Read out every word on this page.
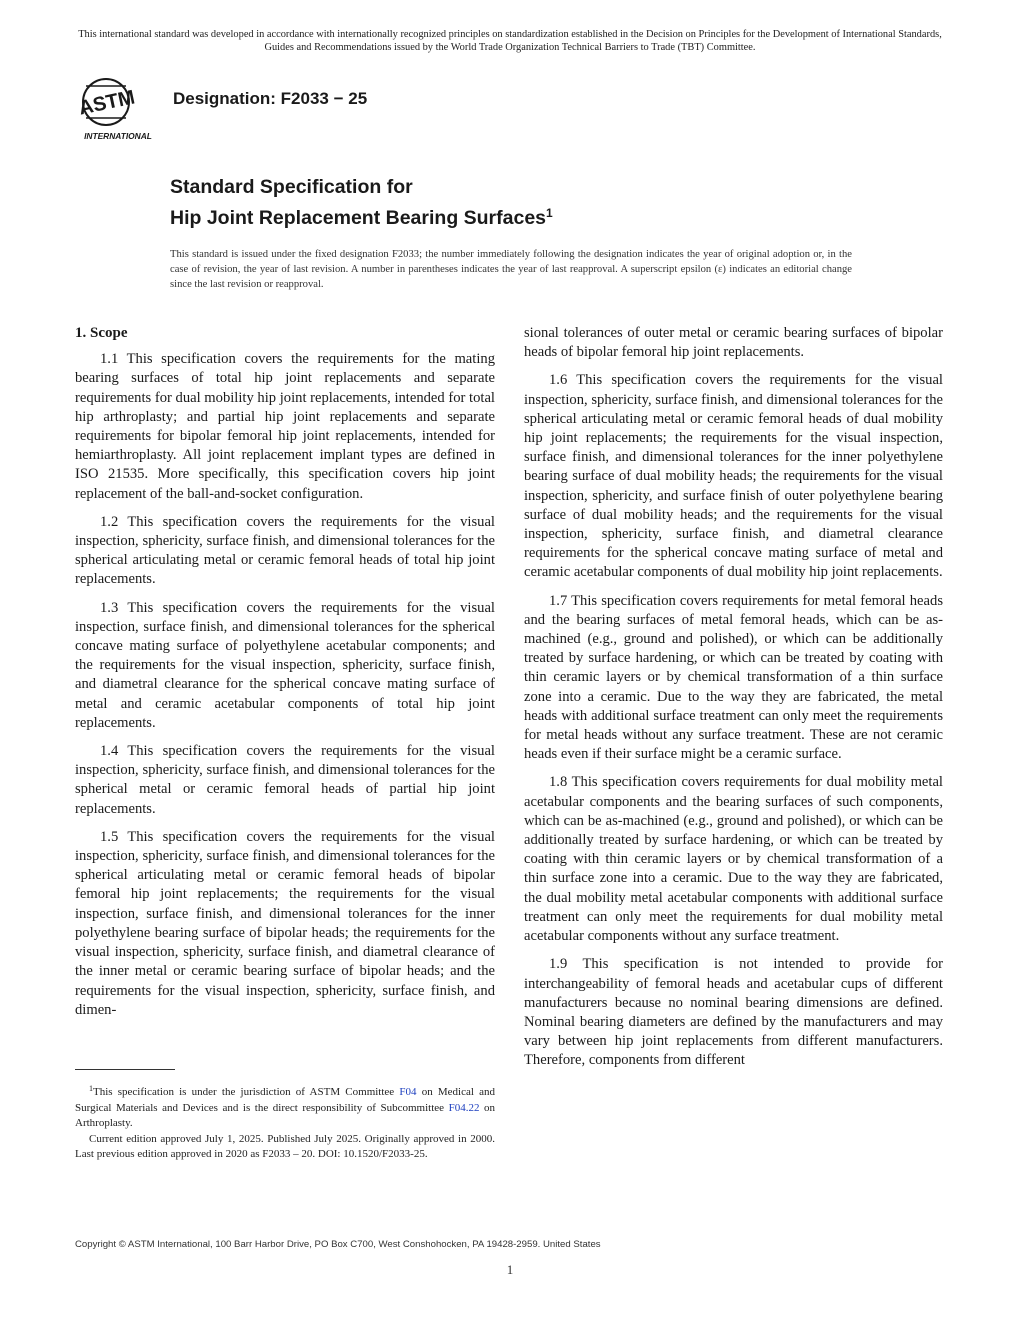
This international standard was developed in accordance with internationally recognized principles on standardization established in the Decision on Principles for the Development of International Standards, Guides and Recommendations issued by the World Trade Organization Technical Barriers to Trade (TBT) Committee.
ASTM
INTERNATIONAL
Designation: F2033 − 25
Standard Specification for
Hip Joint Replacement Bearing Surfaces$^1$
This standard is issued under the fixed designation F2033; the number immediately following the designation indicates the year of original adoption or, in the case of revision, the year of last revision. A number in parentheses indicates the year of last reapproval. A superscript epsilon (ε) indicates an editorial change since the last revision or reapproval.
1. Scope

1.1 This specification covers the requirements for the mating bearing surfaces of total hip joint replacements and separate requirements for dual mobility hip joint replacements, intended for total hip arthroplasty; and partial hip joint replacements and separate requirements for bipolar femoral hip joint replacements, intended for hemiarthroplasty. All joint replacement implant types are defined in ISO 21535. More specifically, this specification covers hip joint replacement of the ball-and-socket configuration.

1.2 This specification covers the requirements for the visual inspection, sphericity, surface finish, and dimensional tolerances for the spherical articulating metal or ceramic femoral heads of total hip joint replacements.

1.3 This specification covers the requirements for the visual inspection, surface finish, and dimensional tolerances for the spherical concave mating surface of polyethylene acetabular components; and the requirements for the visual inspection, sphericity, surface finish, and diametral clearance for the spherical concave mating surface of metal and ceramic acetabular components of total hip joint replacements.

1.4 This specification covers the requirements for the visual inspection, sphericity, surface finish, and dimensional tolerances for the spherical metal or ceramic femoral heads of partial hip joint replacements.

1.5 This specification covers the requirements for the visual inspection, sphericity, surface finish, and dimensional tolerances for the spherical articulating metal or ceramic femoral heads of bipolar femoral hip joint replacements; the requirements for the visual inspection, surface finish, and dimensional tolerances for the inner polyethylene bearing surface of bipolar heads; the requirements for the visual inspection, sphericity, surface finish, and diametral clearance of the inner metal or ceramic bearing surface of bipolar heads; and the requirements for the visual inspection, sphericity, surface finish, and dimen-

sional tolerances of outer metal or ceramic bearing surfaces of bipolar heads of bipolar femoral hip joint replacements.

1.6 This specification covers the requirements for the visual inspection, sphericity, surface finish, and dimensional tolerances for the spherical articulating metal or ceramic femoral heads of dual mobility hip joint replacements; the requirements for the visual inspection, surface finish, and dimensional tolerances for the inner polyethylene bearing surface of dual mobility heads; the requirements for the visual inspection, sphericity, and surface finish of outer polyethylene bearing surface of dual mobility heads; and the requirements for the visual inspection, sphericity, surface finish, and diametral clearance requirements for the spherical concave mating surface of metal and ceramic acetabular components of dual mobility hip joint replacements.

1.7 This specification covers requirements for metal femoral heads and the bearing surfaces of metal femoral heads, which can be as-machined (e.g., ground and polished), or which can be additionally treated by surface hardening, or which can be treated by coating with thin ceramic layers or by chemical transformation of a thin surface zone into a ceramic. Due to the way they are fabricated, the metal heads with additional surface treatment can only meet the requirements for metal heads without any surface treatment. These are not ceramic heads even if their surface might be a ceramic surface.

1.8 This specification covers requirements for dual mobility metal acetabular components and the bearing surfaces of such components, which can be as-machined (e.g., ground and polished), or which can be additionally treated by surface hardening, or which can be treated by coating with thin ceramic layers or by chemical transformation of a thin surface zone into a ceramic. Due to the way they are fabricated, the dual mobility metal acetabular components with additional surface treatment can only meet the requirements for dual mobility metal acetabular components without any surface treatment.

1.9 This specification is not intended to provide for interchangeability of femoral heads and acetabular cups of different manufacturers because no nominal bearing dimensions are defined. Nominal bearing diameters are defined by the manufacturers and may vary between hip joint replacements from different manufacturers. Therefore, components from different

$^1$This specification is under the jurisdiction of ASTM Committee F04 on Medical and Surgical Materials and Devices and is the direct responsibility of Subcommittee F04.22 on Arthroplasty.

Current edition approved July 1, 2025. Published July 2025. Originally approved in 2000. Last previous edition approved in 2020 as F2033 – 20. DOI: 10.1520/F2033-25.

Copyright © ASTM International, 100 Barr Harbor Drive, PO Box C700, West Conshohocken, PA 19428-2959. United States
1
